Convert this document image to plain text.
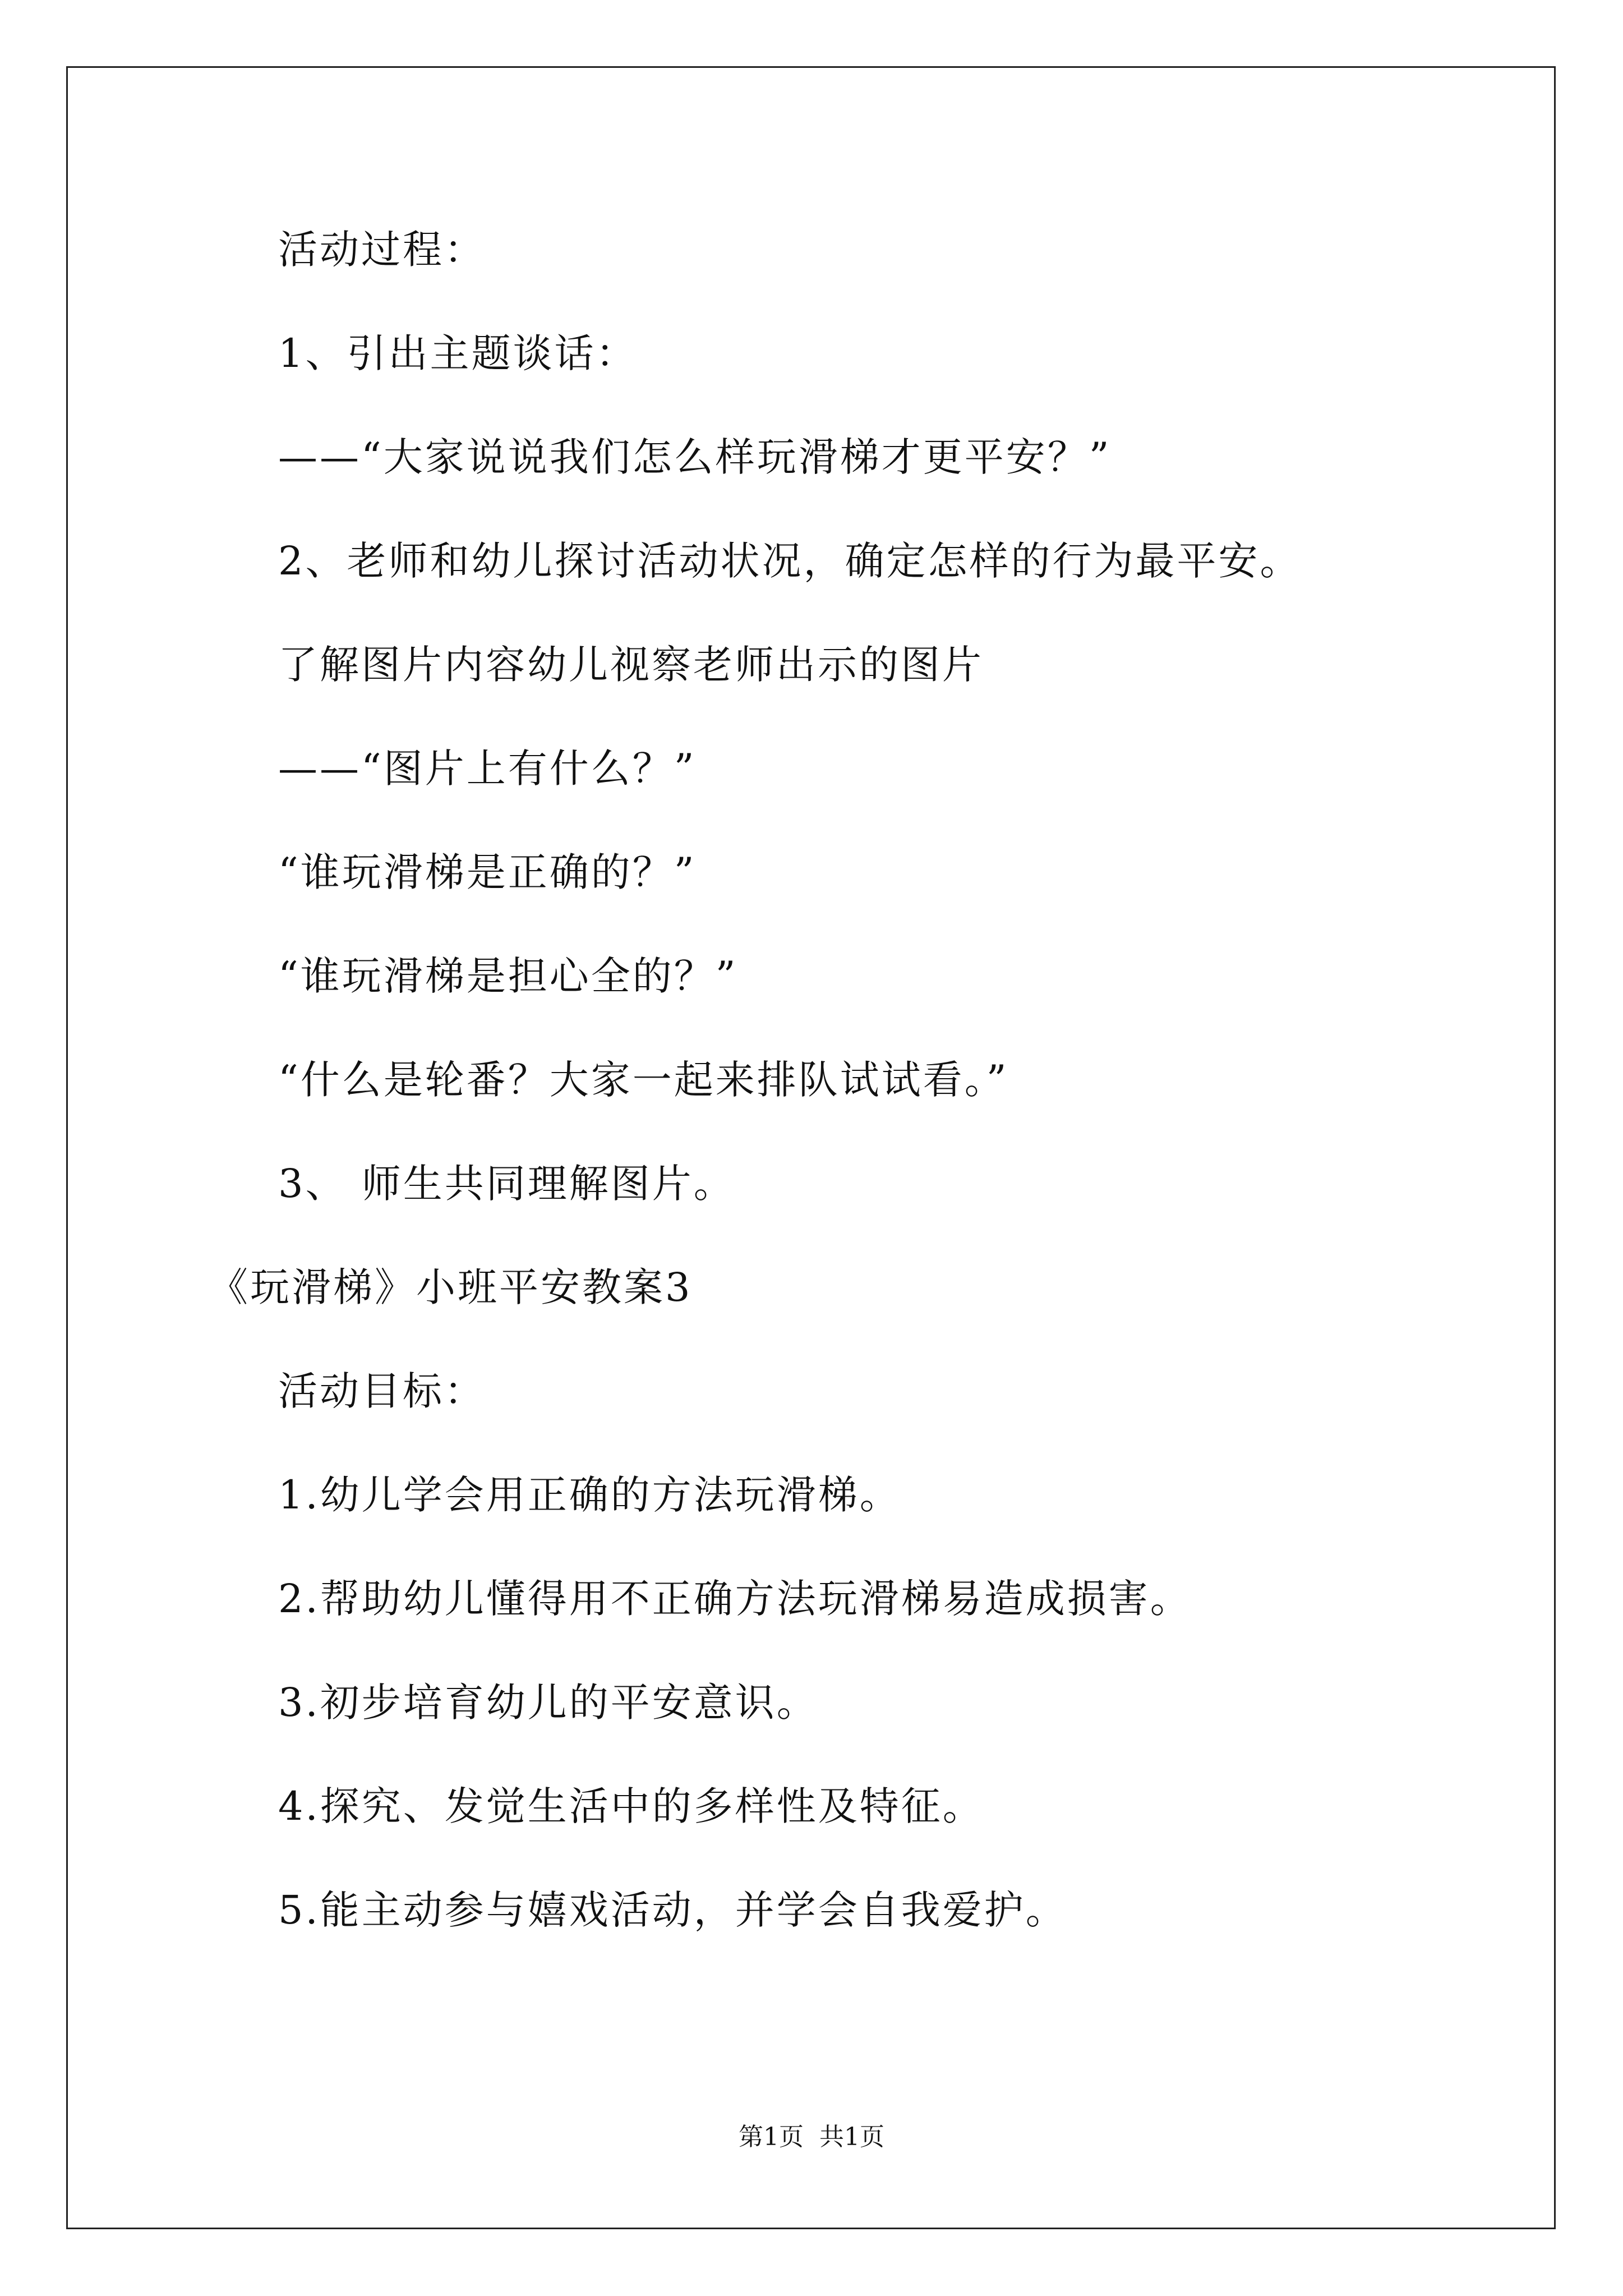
活动过程：
1、引出主题谈话：
——“大家说说我们怎么样玩滑梯才更平安？”
2、老师和幼儿探讨活动状况，确定怎样的行为最平安。
了解图片内容幼儿视察老师出示的图片
——“图片上有什么？”
“谁玩滑梯是正确的？”
“谁玩滑梯是担心全的？”
“什么是轮番？大家一起来排队试试看。”
3、 师生共同理解图片。
《玩滑梯》小班平安教案3
活动目标：
1.幼儿学会用正确的方法玩滑梯。
2.帮助幼儿懂得用不正确方法玩滑梯易造成损害。
3.初步培育幼儿的平安意识。
4.探究、发觉生活中的多样性及特征。
5.能主动参与嬉戏活动，并学会自我爱护。
第1页 共1页
